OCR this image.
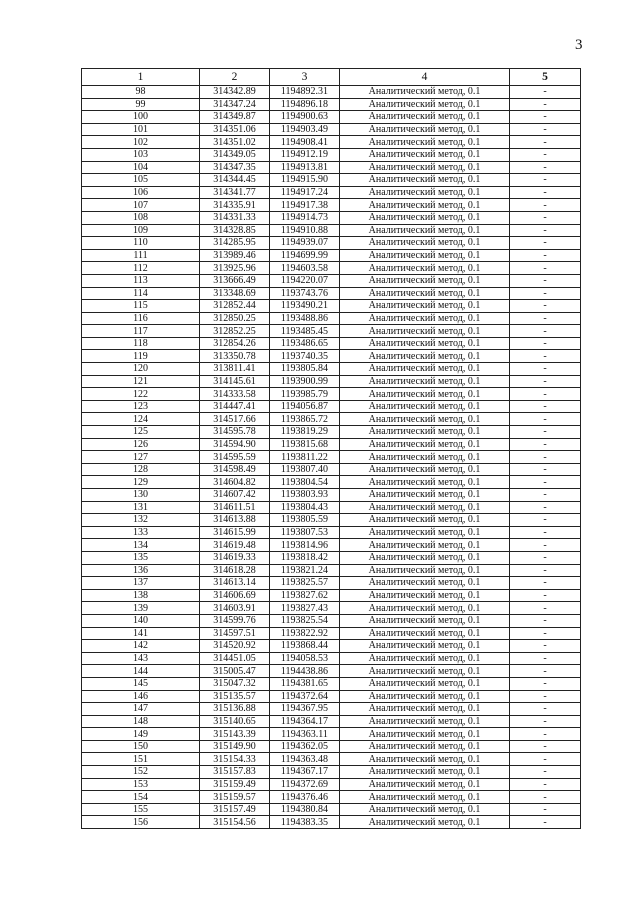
3
1	2	3	4	5
98	314342.89	1194892.31	Аналитический метод, 0.1	-
99	314347.24	1194896.18	Аналитический метод, 0.1	-
100	314349.87	1194900.63	Аналитический метод, 0.1	-
101	314351.06	1194903.49	Аналитический метод, 0.1	-
102	314351.02	1194908.41	Аналитический метод, 0.1	-
103	314349.05	1194912.19	Аналитический метод, 0.1	-
104	314347.35	1194913.81	Аналитический метод, 0.1	-
105	314344.45	1194915.90	Аналитический метод, 0.1	-
106	314341.77	1194917.24	Аналитический метод, 0.1	-
107	314335.91	1194917.38	Аналитический метод, 0.1	-
108	314331.33	1194914.73	Аналитический метод, 0.1	-
109	314328.85	1194910.88	Аналитический метод, 0.1	-
110	314285.95	1194939.07	Аналитический метод, 0.1	-
111	313989.46	1194699.99	Аналитический метод, 0.1	-
112	313925.96	1194603.58	Аналитический метод, 0.1	-
113	313666.49	1194220.07	Аналитический метод, 0.1	-
114	313348.69	1193743.76	Аналитический метод, 0.1	-
115	312852.44	1193490.21	Аналитический метод, 0.1	-
116	312850.25	1193488.86	Аналитический метод, 0.1	-
117	312852.25	1193485.45	Аналитический метод, 0.1	-
118	312854.26	1193486.65	Аналитический метод, 0.1	-
119	313350.78	1193740.35	Аналитический метод, 0.1	-
120	313811.41	1193805.84	Аналитический метод, 0.1	-
121	314145.61	1193900.99	Аналитический метод, 0.1	-
122	314333.58	1193985.79	Аналитический метод, 0.1	-
123	314447.41	1194056.87	Аналитический метод, 0.1	-
124	314517.66	1193865.72	Аналитический метод, 0.1	-
125	314595.78	1193819.29	Аналитический метод, 0.1	-
126	314594.90	1193815.68	Аналитический метод, 0.1	-
127	314595.59	1193811.22	Аналитический метод, 0.1	-
128	314598.49	1193807.40	Аналитический метод, 0.1	-
129	314604.82	1193804.54	Аналитический метод, 0.1	-
130	314607.42	1193803.93	Аналитический метод, 0.1	-
131	314611.51	1193804.43	Аналитический метод, 0.1	-
132	314613.88	1193805.59	Аналитический метод, 0.1	-
133	314615.99	1193807.53	Аналитический метод, 0.1	-
134	314619.48	1193814.96	Аналитический метод, 0.1	-
135	314619.33	1193818.42	Аналитический метод, 0.1	-
136	314618.28	1193821.24	Аналитический метод, 0.1	-
137	314613.14	1193825.57	Аналитический метод, 0.1	-
138	314606.69	1193827.62	Аналитический метод, 0.1	-
139	314603.91	1193827.43	Аналитический метод, 0.1	-
140	314599.76	1193825.54	Аналитический метод, 0.1	-
141	314597.51	1193822.92	Аналитический метод, 0.1	-
142	314520.92	1193868.44	Аналитический метод, 0.1	-
143	314451.05	1194058.53	Аналитический метод, 0.1	-
144	315005.47	1194438.86	Аналитический метод, 0.1	-
145	315047.32	1194381.65	Аналитический метод, 0.1	-
146	315135.57	1194372.64	Аналитический метод, 0.1	-
147	315136.88	1194367.95	Аналитический метод, 0.1	-
148	315140.65	1194364.17	Аналитический метод, 0.1	-
149	315143.39	1194363.11	Аналитический метод, 0.1	-
150	315149.90	1194362.05	Аналитический метод, 0.1	-
151	315154.33	1194363.48	Аналитический метод, 0.1	-
152	315157.83	1194367.17	Аналитический метод, 0.1	-
153	315159.49	1194372.69	Аналитический метод, 0.1	-
154	315159.57	1194376.46	Аналитический метод, 0.1	-
155	315157.49	1194380.84	Аналитический метод, 0.1	-
156	315154.56	1194383.35	Аналитический метод, 0.1	-
